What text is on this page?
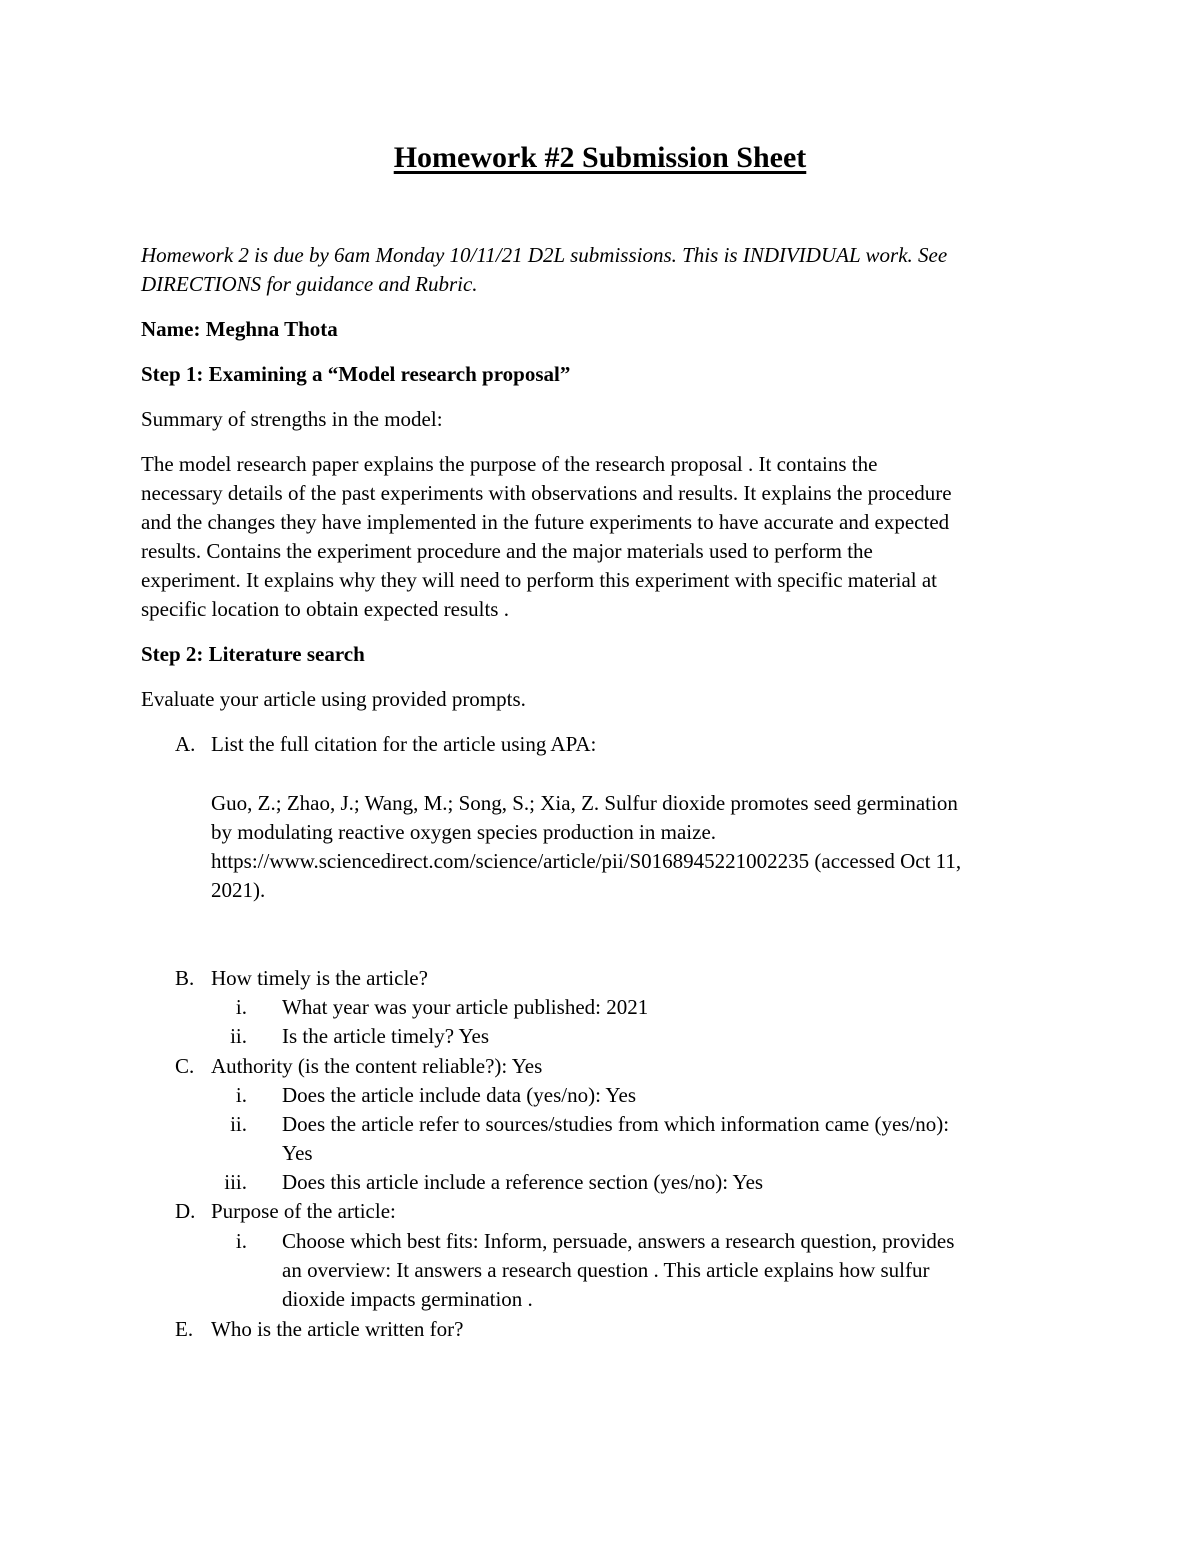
Homework #2 Submission Sheet
Homework 2 is due by 6am Monday 10/11/21 D2L submissions. This is INDIVIDUAL work. See
DIRECTIONS for guidance and Rubric.
Name: Meghna Thota
Step 1: Examining a “Model research proposal”
Summary of strengths in the model:
The model research paper explains the purpose of the research proposal . It contains the
necessary details of the past experiments with observations and results. It explains the procedure
and the changes they have implemented in the future experiments to have accurate and expected
results. Contains the experiment procedure and the major materials used to perform the
experiment. It explains why they will need to perform this experiment with specific material at
specific location to obtain expected results .
Step 2: Literature search
Evaluate your article using provided prompts.
A. List the full citation for the article using APA:
Guo, Z.; Zhao, J.; Wang, M.; Song, S.; Xia, Z. Sulfur dioxide promotes seed germination
by modulating reactive oxygen species production in maize.
https://www.sciencedirect.com/science/article/pii/S0168945221002235 (accessed Oct 11,
2021).
B. How timely is the article?
i. What year was your article published: 2021
ii. Is the article timely? Yes
C. Authority (is the content reliable?): Yes
i. Does the article include data (yes/no): Yes
ii. Does the article refer to sources/studies from which information came (yes/no):
Yes
iii. Does this article include a reference section (yes/no): Yes
D. Purpose of the article:
i. Choose which best fits: Inform, persuade, answers a research question, provides
an overview: It answers a research question . This article explains how sulfur
dioxide impacts germination .
E. Who is the article written for?
